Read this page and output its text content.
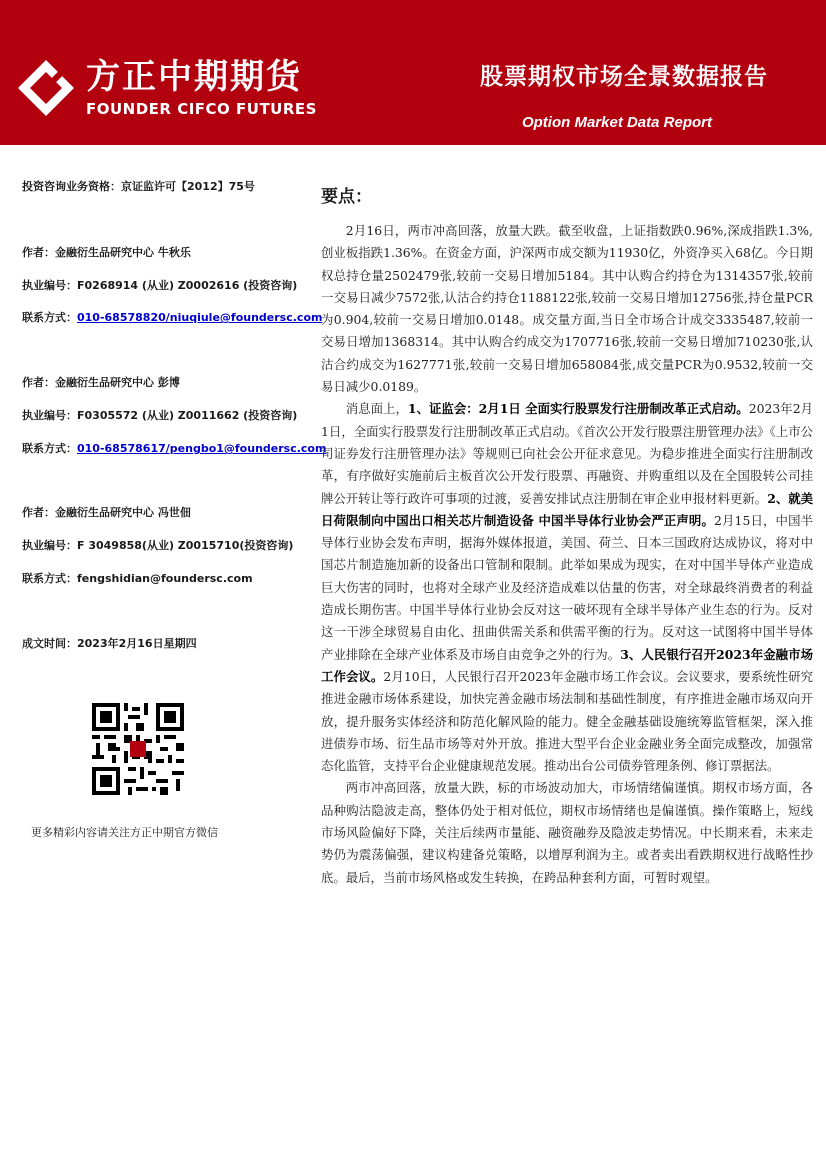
方正中期期货
FOUNDER CIFCO FUTURES
股票期权市场全景数据报告
Option Market Data Report
投资咨询业务资格：京证监许可【2012】75号
作者：金融衍生品研究中心 牛秋乐
执业编号：F0268914 (从业) Z0002616 (投资咨询)
联系方式：010-68578820/niuqiule@foundersc.com
作者：金融衍生品研究中心 彭博
执业编号：F0305572 (从业) Z0011662 (投资咨询)
联系方式：010-68578617/pengbo1@foundersc.com
作者：金融衍生品研究中心 冯世佃
执业编号：F 3049858(从业) Z0015710(投资咨询)
联系方式：fengshidian@foundersc.com
成文时间：2023年2月16日星期四
更多精彩内容请关注方正中期官方微信
要点：

2月16日，两市冲高回落，放量大跌。截至收盘，上证指数跌0.96%,深成指跌1.3%,创业板指跌1.36%。在资金方面，沪深两市成交额为11930亿，外资净买入68亿。今日期权总持仓量2502479张,较前一交易日增加5184。其中认购合约持仓为1314357张,较前一交易日减少7572张,认沽合约持仓1188122张,较前一交易日增加12756张,持仓量PCR为0.904,较前一交易日增加0.0148。成交量方面,当日全市场合计成交3335487,较前一交易日增加1368314。其中认购合约成交为1707716张,较前一交易日增加710230张,认沽合约成交为1627771张,较前一交易日增加658084张,成交量PCR为0.9532,较前一交易日减少0.0189。

消息面上，1、证监会：2月1日 全面实行股票发行注册制改革正式启动。2023年2月1日，全面实行股票发行注册制改革正式启动。《首次公开发行股票注册管理办法》《上市公司证券发行注册管理办法》等规则已向社会公开征求意见。为稳步推进全面实行注册制改革，有序做好实施前后主板首次公开发行股票、再融资、并购重组以及在全国股转公司挂牌公开转让等行政许可事项的过渡，妥善安排试点注册制在审企业申报材料更新。2、就美日荷限制向中国出口相关芯片制造设备 中国半导体行业协会严正声明。2月15日，中国半导体行业协会发布声明，据海外媒体报道，美国、荷兰、日本三国政府达成协议，将对中国芯片制造施加新的设备出口管制和限制。此举如果成为现实，在对中国半导体产业造成巨大伤害的同时，也将对全球产业及经济造成难以估量的伤害，对全球最终消费者的利益造成长期伤害。中国半导体行业协会反对这一破坏现有全球半导体产业生态的行为。反对这一干涉全球贸易自由化、扭曲供需关系和供需平衡的行为。反对这一试图将中国半导体产业排除在全球产业体系及市场自由竞争之外的行为。3、人民银行召开2023年金融市场工作会议。2月10日，人民银行召开2023年金融市场工作会议。会议要求，要系统性研究推进金融市场体系建设，加快完善金融市场法制和基础性制度，有序推进金融市场双向开放，提升服务实体经济和防范化解风险的能力。健全金融基础设施统筹监管框架，深入推进债券市场、衍生品市场等对外开放。推进大型平台企业金融业务全面完成整改，加强常态化监管，支持平台企业健康规范发展。推动出台公司债券管理条例、修订票据法。

两市冲高回落，放量大跌，标的市场波动加大，市场情绪偏谨慎。期权市场方面，各品种购沽隐波走高，整体仍处于相对低位，期权市场情绪也是偏谨慎。操作策略上，短线市场风险偏好下降，关注后续两市量能、融资融券及隐波走势情况。中长期来看，未来走势仍为震荡偏强，建议构建备兑策略，以增厚利润为主。或者卖出看跌期权进行战略性抄底。最后，当前市场风格或发生转换，在跨品种套利方面，可暂时观望。
